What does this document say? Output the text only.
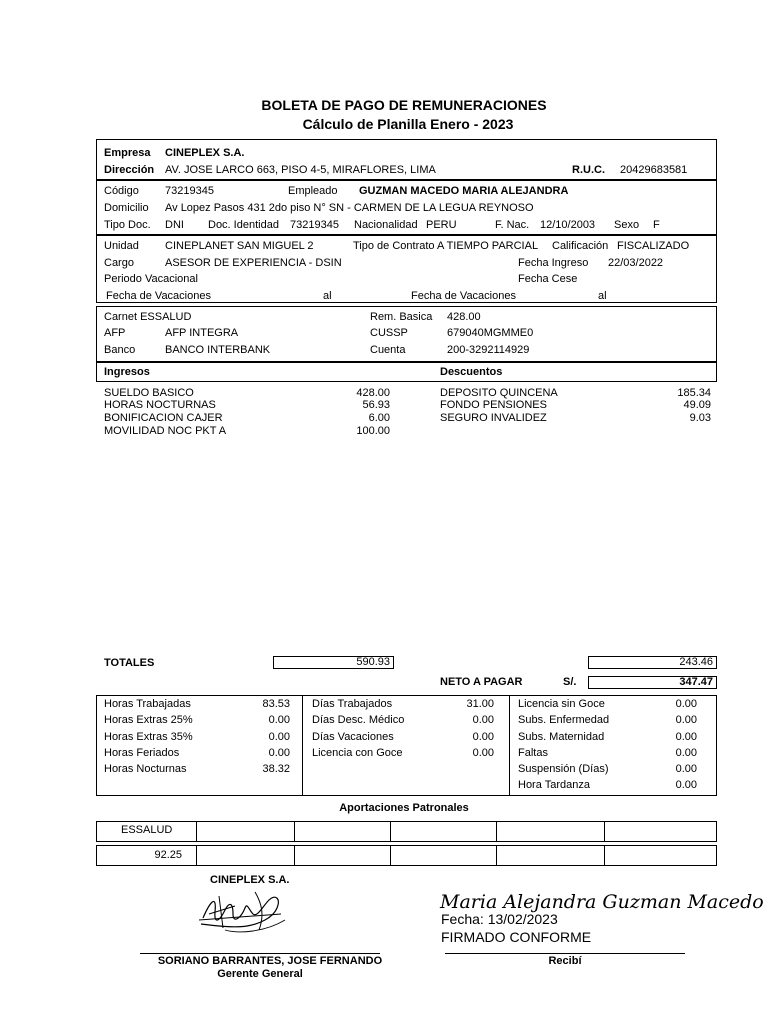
BOLETA DE PAGO DE REMUNERACIONES
Cálculo de Planilla Enero - 2023
Empresa CINEPLEX S.A.
Dirección AV. JOSE LARCO 663, PISO 4-5, MIRAFLORES, LIMA	R.U.C. 20429683581
Código 73219345	Empleado GUZMAN MACEDO MARIA ALEJANDRA
Domicilio Av Lopez Pasos 431 2do piso N° SN - CARMEN DE LA LEGUA REYNOSO
Tipo Doc. DNI Doc. Identidad 73219345 Nacionalidad PERU	F. Nac. 12/10/2003 Sexo F
Unidad CINEPLANET SAN MIGUEL 2	Tipo de Contrato A TIEMPO PARCIAL Calificación FISCALIZADO
Cargo	ASESOR DE EXPERIENCIA - DSIN	Fecha Ingreso 22/03/2022
Periodo Vacacional	Fecha Cese
Fecha de Vacaciones	al	Fecha de Vacaciones	al
Carnet ESSALUD	Rem. Basica 428.00
AFP	AFP INTEGRA	CUSSP	679040MGMME0
Banco	BANCO INTERBANK	Cuenta	200-3292114929
Ingresos	Descuentos
SUELDO BASICO	428.00
HORAS NOCTURNAS	56.93
BONIFICACION CAJER	6.00
MOVILIDAD NOC PKT A	100.00
DEPOSITO QUINCENA	185.34
FONDO PENSIONES	49.09
SEGURO INVALIDEZ	9.03
TOTALES	590.93	243.46
NETO A PAGAR	S/.	347.47
Horas Trabajadas	83.53
Horas Extras 25%	0.00
Horas Extras 35%	0.00
Horas Feriados	0.00
Horas Nocturnas	38.32
Días Trabajados	31.00
Días Desc. Médico	0.00
Días Vacaciones	0.00
Licencia con Goce	0.00
Licencia sin Goce	0.00
Subs. Enfermedad	0.00
Subs. Maternidad	0.00
Faltas	0.00
Suspensión (Días)	0.00
Hora Tardanza	0.00
Aportaciones Patronales
ESSALUD
92.25
CINEPLEX S.A.
SORIANO BARRANTES, JOSE FERNANDO
Gerente General
Maria Alejandra Guzman Macedo
Fecha: 13/02/2023
FIRMADO CONFORME
Recibí
